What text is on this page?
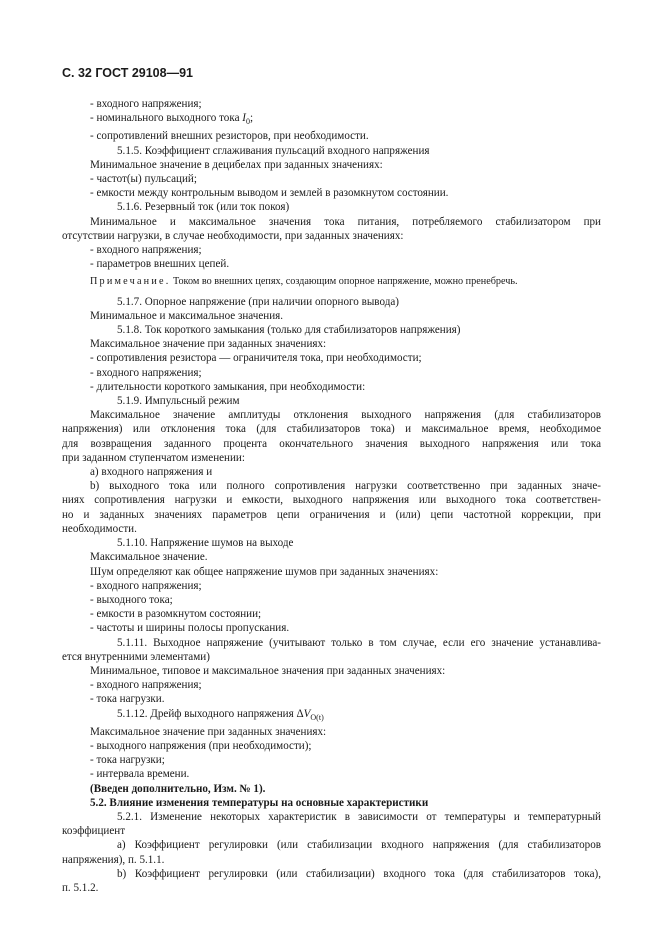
С. 32 ГОСТ 29108—91
- входного напряжения;
- номинального выходного тока $I_0$;
- сопротивлений внешних резисторов, при необходимости.
5.1.5. Коэффициент сглаживания пульсаций входного напряжения
Минимальное значение в децибелах при заданных значениях:
- частот(ы) пульсаций;
- емкости между контрольным выводом и землей в разомкнутом состоянии.
5.1.6. Резервный ток (или ток покоя)
Минимальное и максимальное значения тока питания, потребляемого стабилизатором при
отсутствии нагрузки, в случае необходимости, при заданных значениях:
- входного напряжения;
- параметров внешних цепей.
Примечание. Током во внешних цепях, создающим опорное напряжение, можно пренебречь.
5.1.7. Опорное напряжение (при наличии опорного вывода)
Минимальное и максимальное значения.
5.1.8. Ток короткого замыкания (только для стабилизаторов напряжения)
Максимальное значение при заданных значениях:
- сопротивления резистора — ограничителя тока, при необходимости;
- входного напряжения;
- длительности короткого замыкания, при необходимости:
5.1.9. Импульсный режим
Максимальное значение амплитуды отклонения выходного напряжения (для стабилизаторов
напряжения) или отклонения тока (для стабилизаторов тока) и максимальное время, необходимое
для возвращения заданного процента окончательного значения выходного напряжения или тока
при заданном ступенчатом изменении:
а) входного напряжения и
b) выходного тока или полного сопротивления нагрузки соответственно при заданных значе-
ниях сопротивления нагрузки и емкости, выходного напряжения или выходного тока соответствен-
но и заданных значениях параметров цепи ограничения и (или) цепи частотной коррекции, при
необходимости.
5.1.10. Напряжение шумов на выходе
Максимальное значение.
Шум определяют как общее напряжение шумов при заданных значениях:
- входного напряжения;
- выходного тока;
- емкости в разомкнутом состоянии;
- частоты и ширины полосы пропускания.
5.1.11. Выходное напряжение (учитывают только в том случае, если его значение устанавлива-
ется внутренними элементами)
Минимальное, типовое и максимальное значения при заданных значениях:
- входного напряжения;
- тока нагрузки.
5.1.12. Дрейф выходного напряжения $\Delta V_{O(t)}$
Максимальное значение при заданных значениях:
- выходного напряжения (при необходимости);
- тока нагрузки;
- интервала времени.
(Введен дополнительно, Изм. № 1).
5.2. Влияние изменения температуры на основные характеристики
5.2.1. Изменение некоторых характеристик в зависимости от температуры и температурный
коэффициент
а) Коэффициент регулировки (или стабилизации входного напряжения (для стабилизаторов
напряжения), п. 5.1.1.
b) Коэффициент регулировки (или стабилизации) входного тока (для стабилизаторов тока),
п. 5.1.2.
